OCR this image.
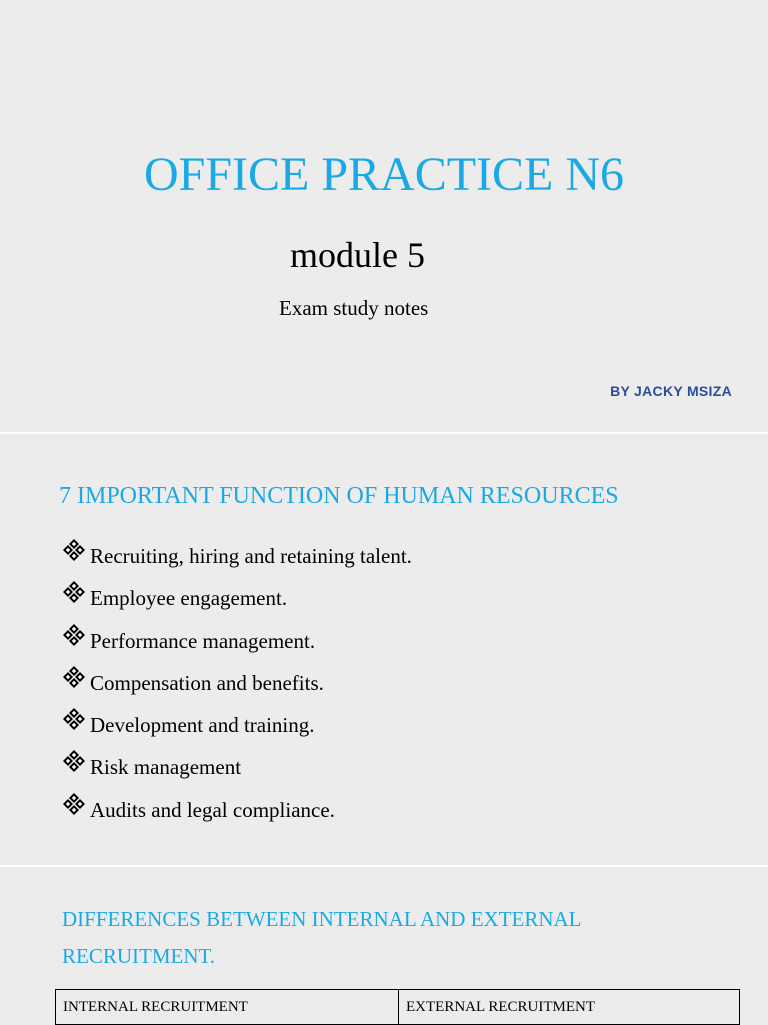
OFFICE PRACTICE N6
module 5
Exam study notes
BY JACKY MSIZA
7 IMPORTANT FUNCTION OF HUMAN RESOURCES
Recruiting, hiring and retaining talent.
Employee engagement.
Performance management.
Compensation and benefits.
Development and training.
Risk management
Audits and legal compliance.
DIFFERENCES BETWEEN INTERNAL AND EXTERNAL RECRUITMENT.
INTERNAL RECRUITMENT	EXTERNAL RECRUITMENT
